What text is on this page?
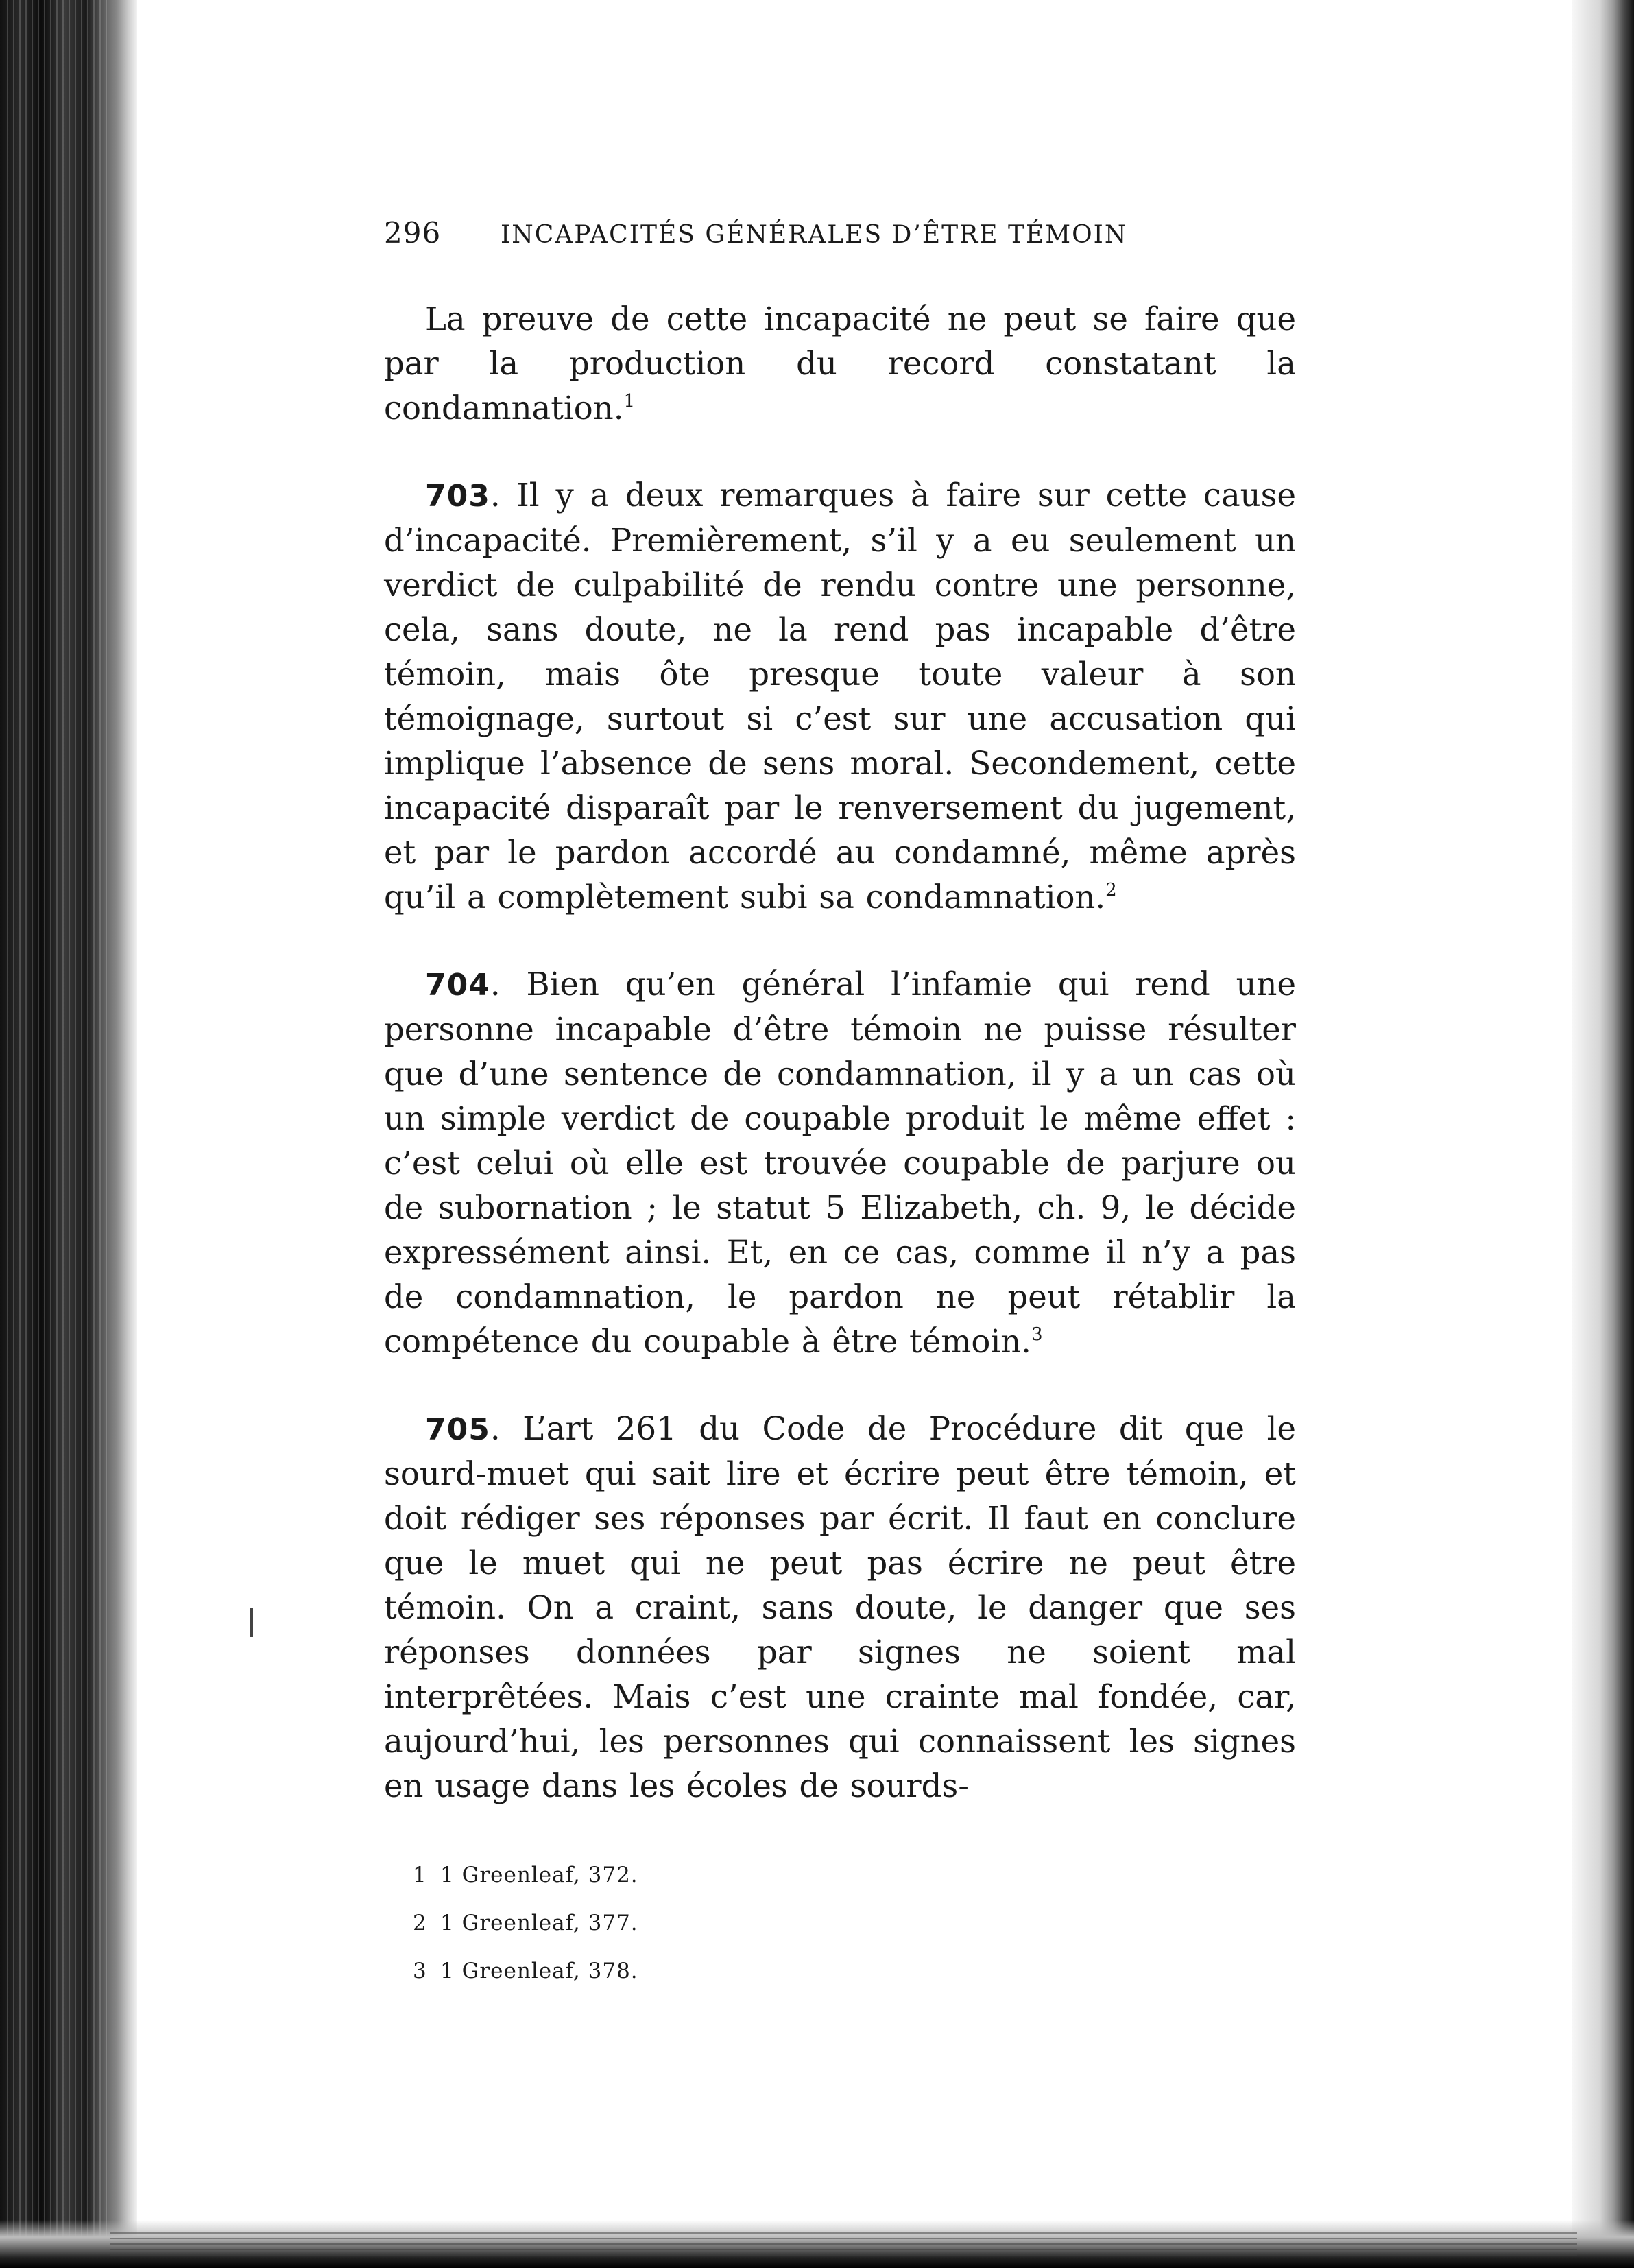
296	INCAPACITÉS GÉNÉRALES D’ÊTRE TÉMOIN

La preuve de cette incapacité ne peut se faire que par la production du record constatant la condamnation.$^1$

703. Il y a deux remarques à faire sur cette cause d’incapacité. Premièrement, s’il y a eu seulement un verdict de culpabilité de rendu contre une personne, cela, sans doute, ne la rend pas incapable d’être témoin, mais ôte presque toute valeur à son témoignage, surtout si c’est sur une accusation qui implique l’absence de sens moral. Secondement, cette incapacité disparaît par le renversement du jugement, et par le pardon accordé au condamné, même après qu’il a complètement subi sa condamnation.$^2$

704. Bien qu’en général l’infamie qui rend une personne incapable d’être témoin ne puisse résulter que d’une sentence de condamnation, il y a un cas où un simple verdict de coupable produit le même effet : c’est celui où elle est trouvée coupable de parjure ou de subornation ; le statut 5 Elizabeth, ch. 9, le décide expressément ainsi. Et, en ce cas, comme il n’y a pas de condamnation, le pardon ne peut rétablir la compétence du coupable à être témoin.$^3$

705. L’art 261 du Code de Procédure dit que le sourd-muet qui sait lire et écrire peut être témoin, et doit rédiger ses réponses par écrit. Il faut en conclure que le muet qui ne peut pas écrire ne peut être témoin. On a craint, sans doute, le danger que ses réponses données par signes ne soient mal interprêtées. Mais c’est une crainte mal fondée, car, aujourd’hui, les personnes qui connaissent les signes en usage dans les écoles de sourds-

1 1 Greenleaf, 372.
2 1 Greenleaf, 377.
3 1 Greenleaf, 378.
